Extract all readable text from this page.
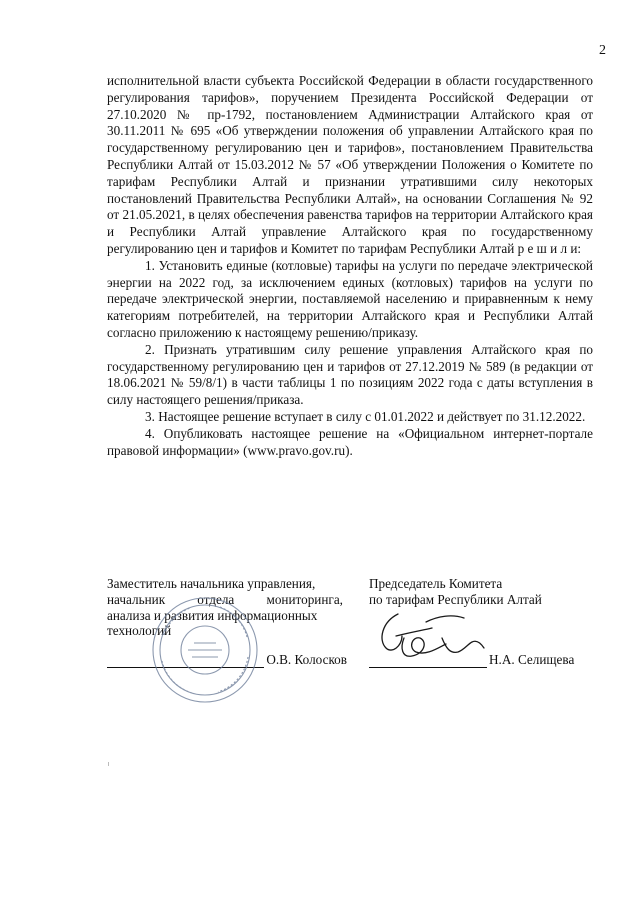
2

исполнительной власти субъекта Российской Федерации в области государственного регулирования тарифов», поручением Президента Российской Федерации от 27.10.2020 № пр-1792, постановлением Администрации Алтайского края от 30.11.2011 № 695 «Об утверждении положения об управлении Алтайского края по государственному регулированию цен и тарифов», постановлением Правительства Республики Алтай от 15.03.2012 № 57 «Об утверждении Положения о Комитете по тарифам Республики Алтай и признании утратившими силу некоторых постановлений Правительства Республики Алтай», на основании Соглашения № 92 от 21.05.2021, в целях обеспечения равенства тарифов на территории Алтайского края и Республики Алтай управление Алтайского края по государственному регулированию цен и тарифов и Комитет по тарифам Республики Алтай р е ш и л и:

1. Установить единые (котловые) тарифы на услуги по передаче электрической энергии на 2022 год, за исключением единых (котловых) тарифов на услуги по передаче электрической энергии, поставляемой населению и приравненным к нему категориям потребителей, на территории Алтайского края и Республики Алтай согласно приложению к настоящему решению/приказу.

2. Признать утратившим силу решение управления Алтайского края по государственному регулированию цен и тарифов от 27.12.2019 № 589 (в редакции от 18.06.2021 № 59/8/1) в части таблицы 1 по позициям 2022 года с даты вступления в силу настоящего решения/приказа.

3. Настоящее решение вступает в силу с 01.01.2022 и действует по 31.12.2022.

4. Опубликовать настоящее решение на «Официальном интернет-портале правовой информации» (www.pravo.gov.ru).

Заместитель начальника управления,
начальник отдела мониторинга,
анализа и развития информационных
технологий
О.В. Колосков
Председатель Комитета
по тарифам Республики Алтай
Н.А. Селищева
